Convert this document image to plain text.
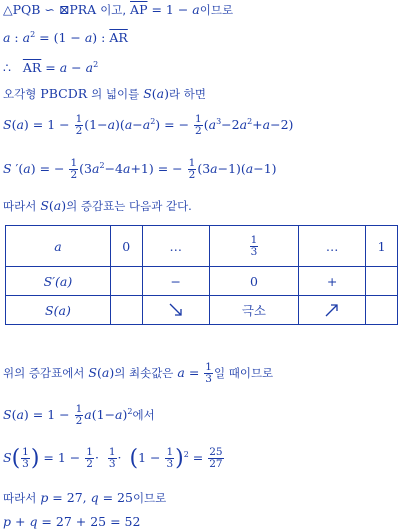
△PQB ∽ ⊠PRA 이고, $\overline{AP} = 1 - a$이므로
a : $a^2 = (1 - a)$ : $\overline{AR}$
∴   $\overline{AR} = a - a^2$
오각형 PBCDR 의 넓이를 S(a)라 하면
$S(a) = 1 - \frac{1}{2} (1-a)(a-a^2)$ = − $\frac{1}{2} (a^3-2a^2+a-2)$
S ′(a) = − $\frac{1}{2} (3a^2-4a+1)$ = − $\frac{1}{2} (3a-1)(a-1)$
따라서 S(a)의 증감표는 다음과 같다.
a	0	…	$\frac{1}{3}$	…	1
S′(a)		−	0	+	
S(a)			극소		
위의 증감표에서 S(a)의 최솟값은 $a = \frac{1}{3}$ 일 때이므로
$S(a) = 1 - \frac{1}{2} a(1-a)^2$에서
$S( \frac{1}{3}$ ) = $1 - \frac{1}{2} \cdot \frac{1}{3} \cdot (1 - \frac{1}{3} )^2 = \frac{25}{27}$
따라서 p = 27, q = 25이므로
p + q = 27 + 25 = 52
